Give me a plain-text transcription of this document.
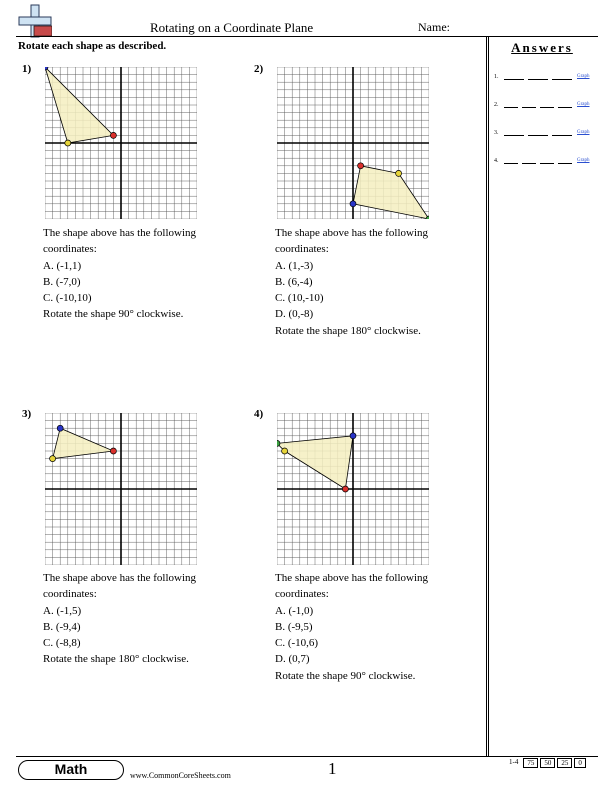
Rotating on a Coordinate Plane	Name:
Rotate each shape as described.	Answers
1.	Graph
2.	Graph
3.	Graph
4.	Graph
1)
The shape above has the following
coordinates:
A. (-1,1)
B. (-7,0)
C. (-10,10)
Rotate the shape 90° clockwise.
2)
The shape above has the following
coordinates:
A. (1,-3)
B. (6,-4)
C. (10,-10)
D. (0,-8)
Rotate the shape 180° clockwise.
3)
The shape above has the following
coordinates:
A. (-1,5)
B. (-9,4)
C. (-8,8)
Rotate the shape 180° clockwise.
4)
The shape above has the following
coordinates:
A. (-1,0)
B. (-9,5)
C. (-10,6)
D. (0,7)
Rotate the shape 90° clockwise.
Math	www.CommonCoreSheets.com	1	1-4	75	50	25	0
